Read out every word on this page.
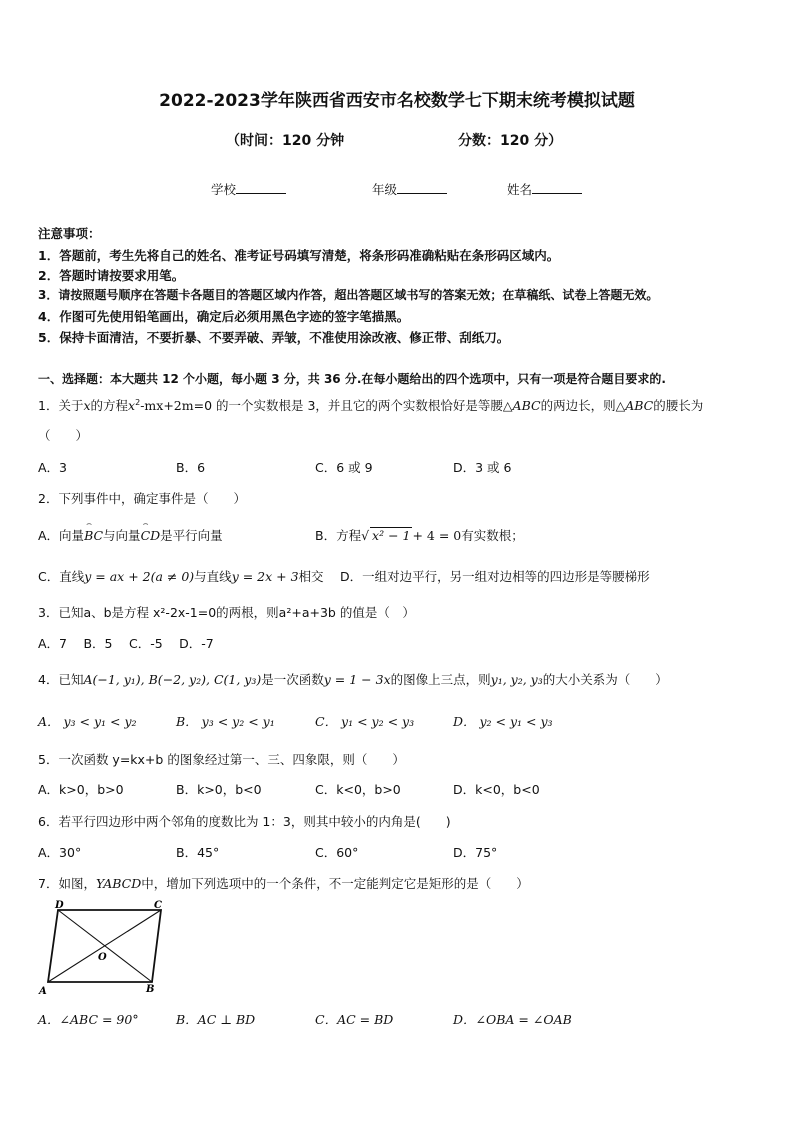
2022-2023学年陕西省西安市名校数学七下期末统考模拟试题
（时间：120 分钟	分数：120 分）
学校	年级	姓名
注意事项：
1．答题前，考生先将自己的姓名、准考证号码填写清楚，将条形码准确粘贴在条形码区域内。
2．答题时请按要求用笔。
3．请按照题号顺序在答题卡各题目的答题区域内作答，超出答题区域书写的答案无效；在草稿纸、试卷上答题无效。
4．作图可先使用铅笔画出，确定后必须用黑色字迹的签字笔描黑。
5．保持卡面清洁，不要折暴、不要弄破、弄皱，不准使用涂改液、修正带、刮纸刀。
一、选择题：本大题共 12 个小题，每小题 3 分，共 36 分.在每小题给出的四个选项中，只有一项是符合题目要求的.
1．关于x的方程$x^2-mx+2m=0$ 的一个实数根是 3，并且它的两个实数根恰好是等腰△ABC的两边长，则△ABC的腰长为
（　　）
A．3	B．6	C．6 或 9	D．3 或 6
2．下列事件中，确定事件是（　　）
A．向量⌢ BC与向量⌢ CD是平行向量	B．方程√ x² − 1 + 4 = 0有实数根；
C．直线y = ax + 2(a ≠ 0)与直线y = 2x + 3相交 D．一组对边平行，另一组对边相等的四边形是等腰梯形
3．已知a、b是方程 x²-2x-1=0的两根，则a²+a+3b 的值是（　）
A．7　 B．5　 C．-5　 D．-7
4．已知A(−1, y₁), B(−2, y₂), C(1, y₃)是一次函数y = 1 − 3x的图像上三点，则y₁, y₂, y₃的大小关系为（　　）
A． y₃ < y₁ < y₂	B． y₃ < y₂ < y₁	C． y₁ < y₂ < y₃	D． y₂ < y₁ < y₃
5．一次函数 y=kx+b 的图象经过第一、三、四象限，则（　　）
A．k>0，b>0	B．k>0，b<0	C．k<0，b>0	D．k<0，b<0
6．若平行四边形中两个邻角的度数比为 1：3，则其中较小的内角是(　　)
A．30°	B．45°	C．60°	D．75°
7．如图，YABCD中，增加下列选项中的一个条件，不一定能判定它是矩形的是（　　）
A	B
C
D
O
A．∠ABC = 90°	B．AC ⊥ BD	C．AC = BD	D．∠OBA = ∠OAB
